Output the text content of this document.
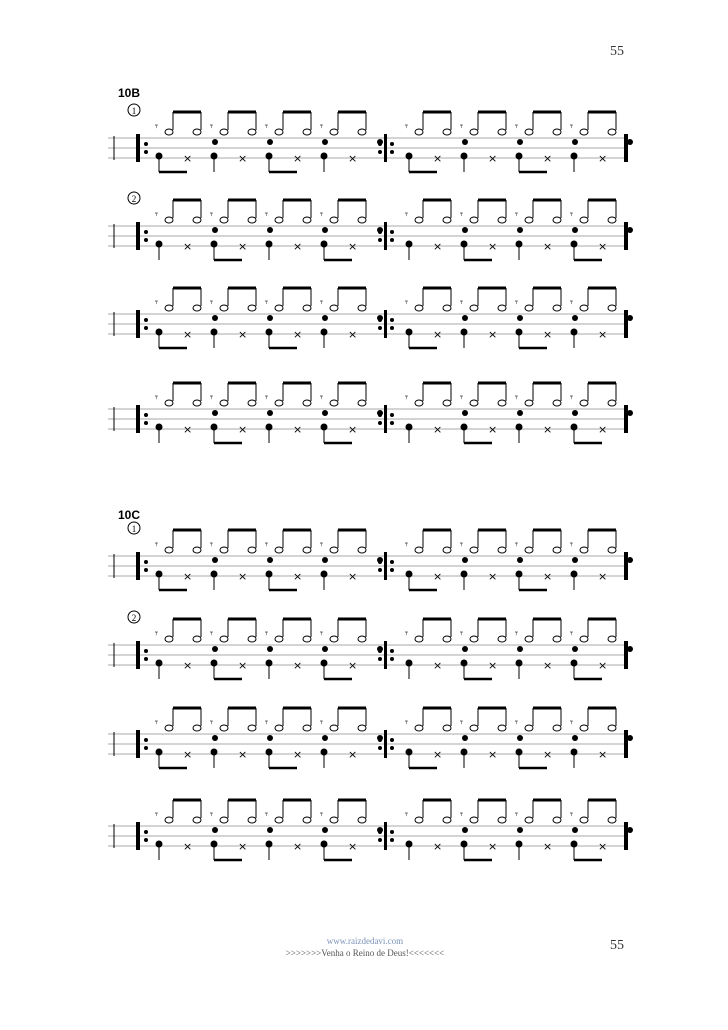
55
10B
10C
1
𝄾	𝄾	𝄾	𝄾	𝄾	𝄾	𝄾	𝄾
×	×	×	×	×	×	×	×
2
𝄾	𝄾	𝄾	𝄾	𝄾	𝄾	𝄾	𝄾
×	×	×	×	×	×	×	×
𝄾	𝄾	𝄾	𝄾	𝄾	𝄾	𝄾	𝄾
×	×	×	×	×	×	×	×
𝄾	𝄾	𝄾	𝄾	𝄾	𝄾	𝄾	𝄾
×	×	×	×	×	×	×	×
1
𝄾	𝄾	𝄾	𝄾	𝄾	𝄾	𝄾	𝄾
×	×	×	×	×	×	×	×
2
𝄾	𝄾	𝄾	𝄾	𝄾	𝄾	𝄾	𝄾
×	×	×	×	×	×	×	×
𝄾	𝄾	𝄾	𝄾	𝄾	𝄾	𝄾	𝄾
×	×	×	×	×	×	×	×
𝄾	𝄾	𝄾	𝄾	𝄾	𝄾	𝄾	𝄾
×	×	×	×	×	×	×	×
www.raizdedavi.com
>>>>>>>Venha o Reino de Deus!<<<<<<<	55
